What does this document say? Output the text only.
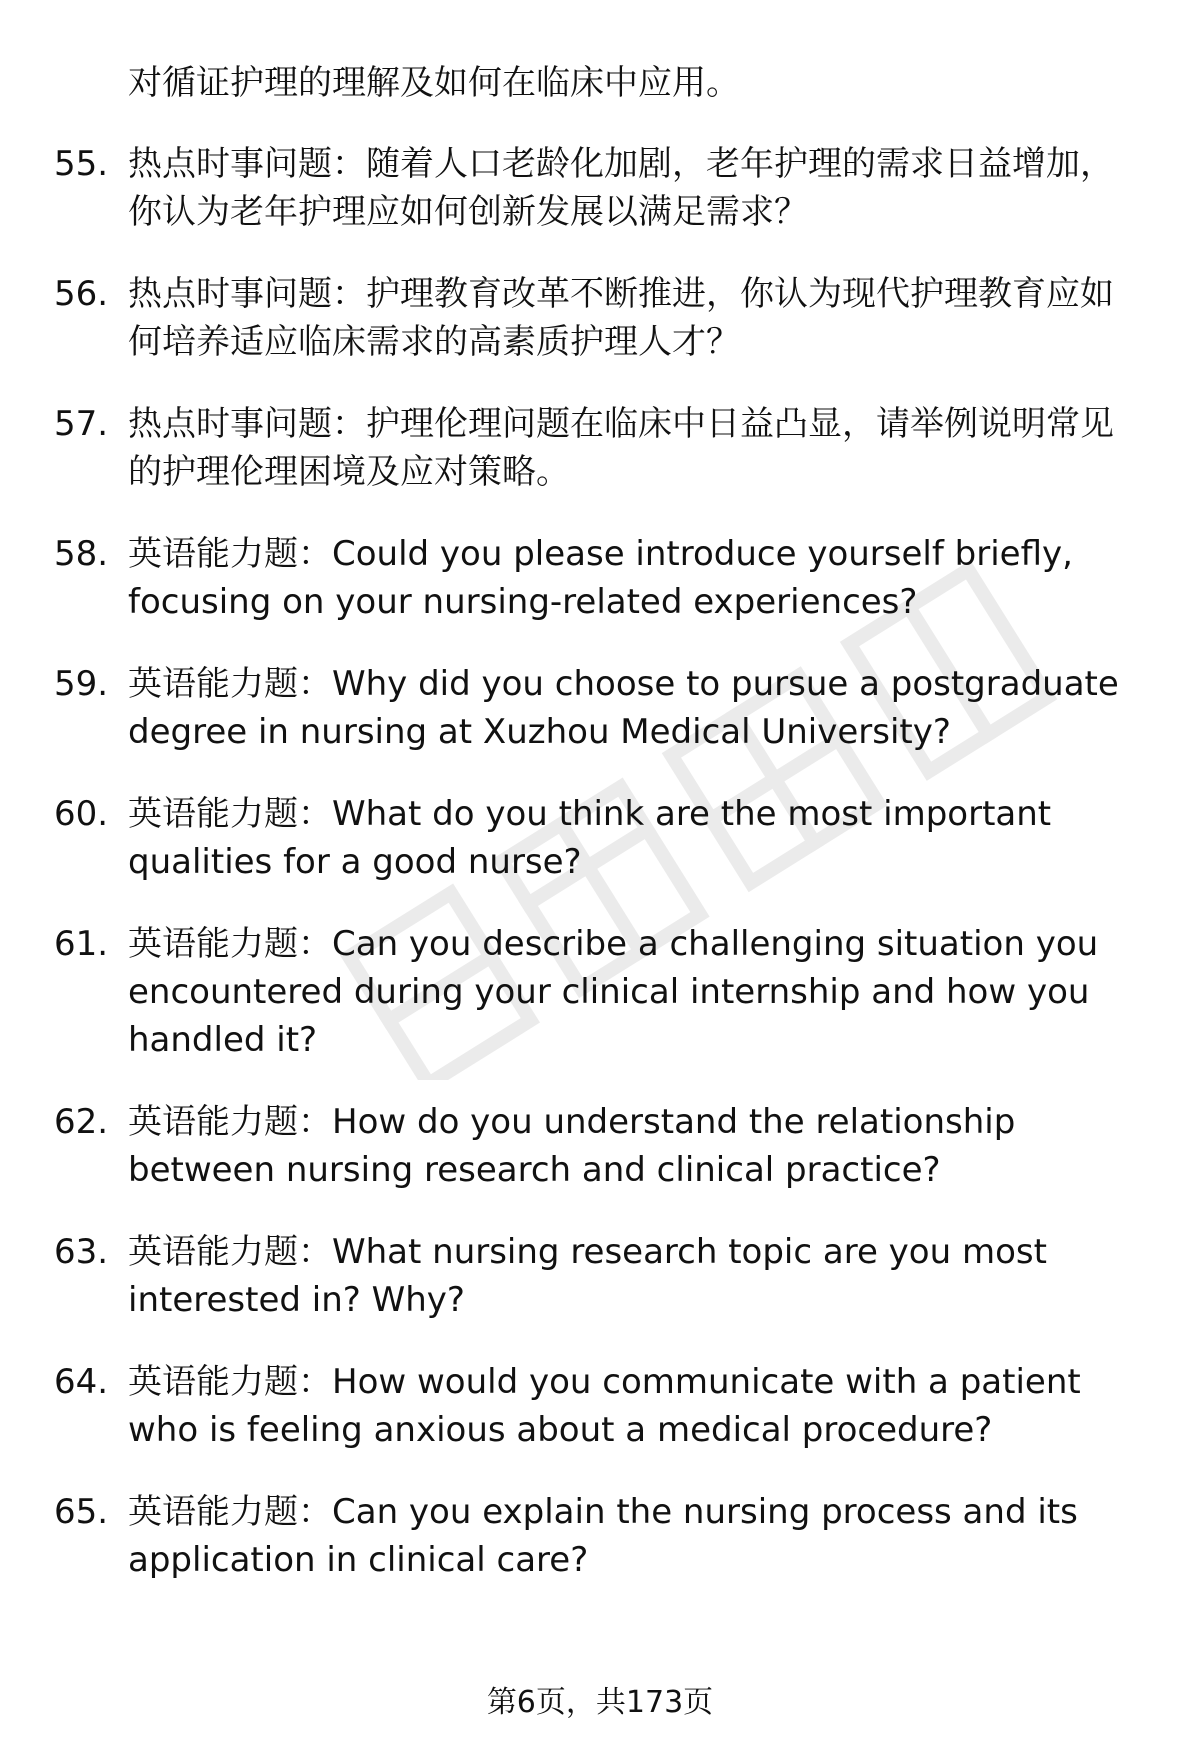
对循证护理的理解及如何在临床中应用。

55. 热点时事问题：随着人口老龄化加剧，老年护理的需求日益增加，你认为老年护理应如何创新发展以满足需求？
56. 热点时事问题：护理教育改革不断推进，你认为现代护理教育应如何培养适应临床需求的高素质护理人才？
57. 热点时事问题：护理伦理问题在临床中日益凸显，请举例说明常见的护理伦理困境及应对策略。
58. 英语能力题：Could you please introduce yourself briefly, focusing on your nursing-related experiences?
59. 英语能力题：Why did you choose to pursue a postgraduate degree in nursing at Xuzhou Medical University?
60. 英语能力题：What do you think are the most important qualities for a good nurse?
61. 英语能力题：Can you describe a challenging situation you encountered during your clinical internship and how you handled it?
62. 英语能力题：How do you understand the relationship between nursing research and clinical practice?
63. 英语能力题：What nursing research topic are you most interested in? Why?
64. 英语能力题：How would you communicate with a patient who is feeling anxious about a medical procedure?
65. 英语能力题：Can you explain the nursing process and its application in clinical care?
第6页，共173页
